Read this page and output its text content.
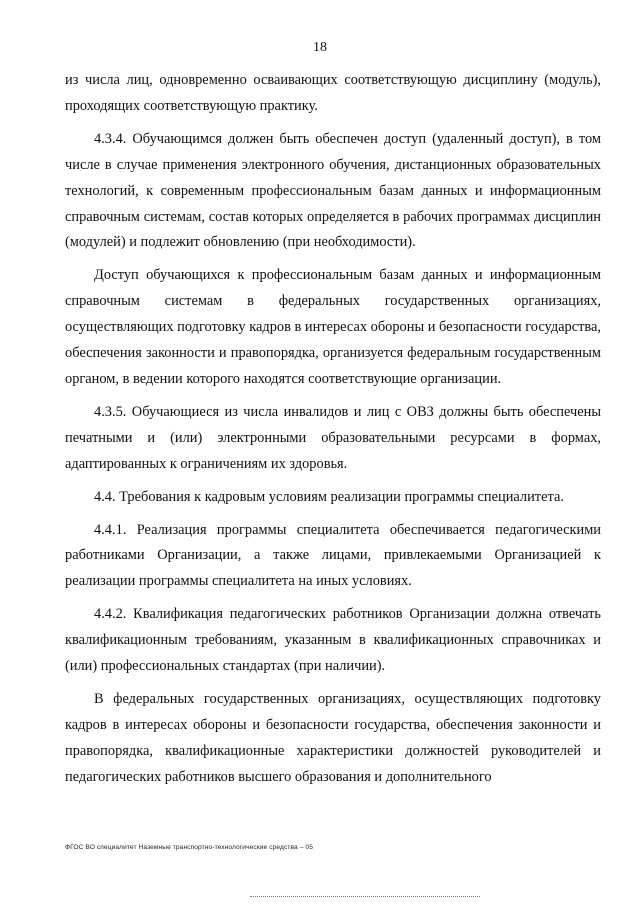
18

из числа лиц, одновременно осваивающих соответствующую дисциплину (модуль), проходящих соответствующую практику.

4.3.4. Обучающимся должен быть обеспечен доступ (удаленный доступ), в том числе в случае применения электронного обучения, дистанционных образовательных технологий, к современным профессиональным базам данных и информационным справочным системам, состав которых определяется в рабочих программах дисциплин (модулей) и подлежит обновлению (при необходимости).

Доступ обучающихся к профессиональным базам данных и информационным справочным системам в федеральных государственных организациях, осуществляющих подготовку кадров в интересах обороны и безопасности государства, обеспечения законности и правопорядка, организуется федеральным государственным органом, в ведении которого находятся соответствующие организации.

4.3.5. Обучающиеся из числа инвалидов и лиц с ОВЗ должны быть обеспечены печатными и (или) электронными образовательными ресурсами в формах, адаптированных к ограничениям их здоровья.

4.4. Требования к кадровым условиям реализации программы специалитета.

4.4.1. Реализация программы специалитета обеспечивается педагогическими работниками Организации, а также лицами, привлекаемыми Организацией к реализации программы специалитета на иных условиях.

4.4.2. Квалификация педагогических работников Организации должна отвечать квалификационным требованиям, указанным в квалификационных справочниках и (или) профессиональных стандартах (при наличии).

В федеральных государственных организациях, осуществляющих подготовку кадров в интересах обороны и безопасности государства, обеспечения законности и правопорядка, квалификационные характеристики должностей руководителей и педагогических работников высшего образования и дополнительного

ФГОС ВО специалитет Наземные транспортно-технологические средства – 05
